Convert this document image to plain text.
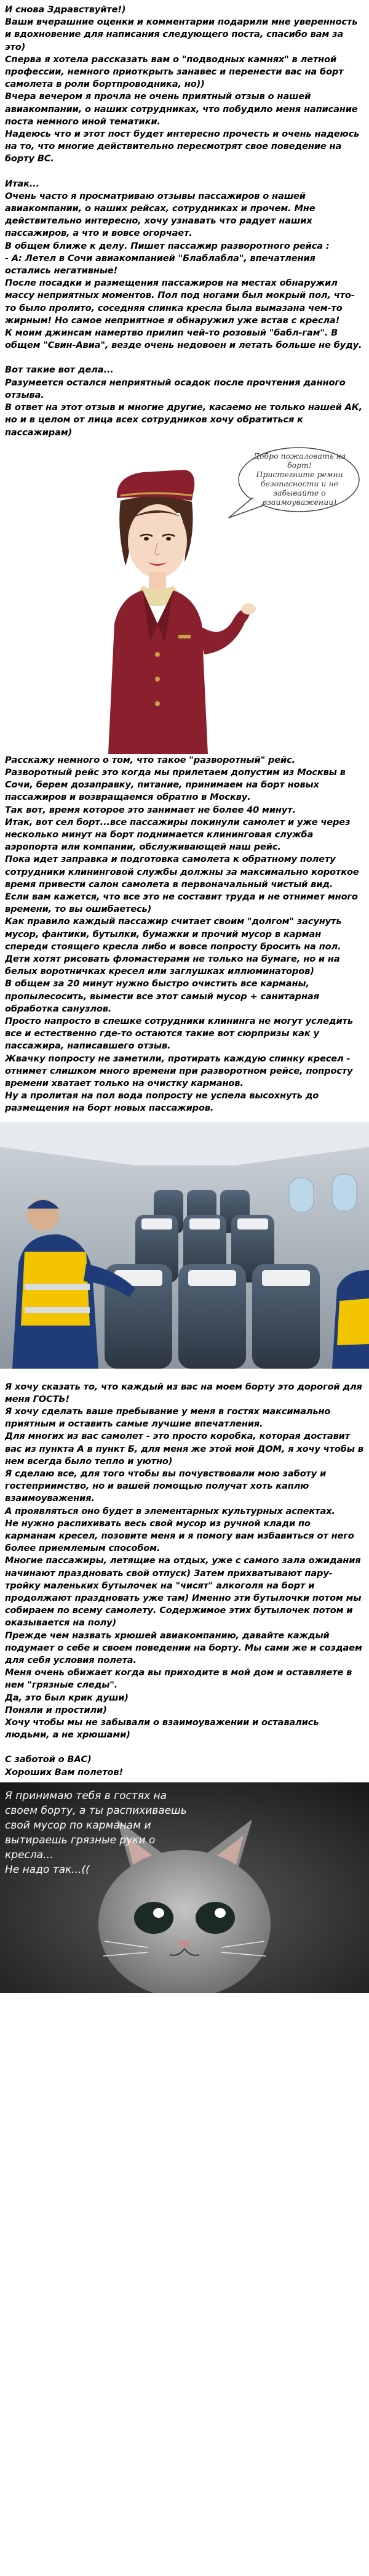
И снова Здравствуйте!)

Ваши вчерашние оценки и комментарии подарили мне уверенность и вдохновение для написания следующего поста, спасибо вам за это)

Сперва я хотела рассказать вам о "подводных камнях" в летной профессии, немного приоткрыть занавес и перенести вас на борт самолета в роли бортпроводника, но))

Вчера вечером я прочла не очень приятный отзыв о нашей авиакомпании, о наших сотрудниках, что побудило меня написание поста немного иной тематики.

Надеюсь что и этот пост будет интересно прочесть и очень надеюсь на то, что многие действительно пересмотрят свое поведение на борту ВС.

Итак...

Очень часто я просматриваю отзывы пассажиров о нашей авиакомпании, о наших рейсах, сотрудниках и прочем. Мне действительно интересно, хочу узнавать что радует наших пассажиров, а что и вовсе огорчает.

В общем ближе к делу. Пишет пассажир разворотного рейса :

- А: Летел в Сочи авиакомпанией "Блаблабла", впечатления остались негативные!

После посадки и размещения пассажиров на местах обнаружил массу неприятных моментов. Пол под ногами был мокрый пол, что-то было пролито, соседняя спинка кресла была вымазана чем-то жирным! Но самое неприятное я обнаружил уже встав с кресла!

К моим джинсам намертво прилип чей-то розовый "бабл-гам". В общем "Свин-Авиа", везде очень недовоен и летать больше не буду.

Вот такие вот дела...

Разумеется остался неприятный осадок после прочтения данного отзыва.

В ответ на этот отзыв и многие другие, касаемо не только нашей АК, но и в целом от лица всех сотрудников хочу обратиться к пассажирам)

Добро пожаловать на борт!
Пристегните ремни
безопасности и не
забывайте о
взаимоуважении)

Расскажу немного о том, что такое "разворотный" рейс.

Разворотный рейс это когда мы прилетаем допустим из Москвы в Сочи, берем дозаправку, питание, принимаем на борт новых пассажиров и возвращаемся обратно в Москву.

Так вот, время которое это занимает не более 40 минут.

Итак, вот сел борт...все пассажиры покинули самолет и уже через несколько минут на борт поднимается клининговая служба аэропорта или компании, обслуживающей наш рейс.

Пока идет заправка и подготовка самолета к обратному полету сотрудники клининговой службы должны за максимально короткое время привести салон самолета в первоначальный чистый вид.

Если вам кажется, что все это не составит труда и не отнимет много времени, то вы ошибаетесь)

Как правило каждый пассажир считает своим "долгом" засунуть мусор, фантики, бутылки, бумажки и прочий мусор в карман спереди стоящего кресла либо и вовсе попросту бросить на пол. Дети хотят рисовать фломастерами не только на бумаге, но и на белых воротничках кресел или заглушках иллюминаторов)

В общем за 20 минут нужно быстро очистить все карманы, пропылесосить, вымести все этот самый мусор + санитарная обработка санузлов.

Просто напросто в спешке сотрудники клининга не могут уследить все и естественно где-то остаются такие вот сюрпризы как у пассажира, написавшего отзыв.

Жвачку попросту не заметили, протирать каждую спинку кресел - отнимет слишком много времени при разворотном рейсе, попросту времени хватает только на очистку карманов.

Ну а пролитая на пол вода попросту не успела высохнуть до размещения на борт новых пассажиров.

Я хочу сказать то, что каждый из вас на моем борту это дорогой для меня ГОСТЬ!

Я хочу сделать ваше пребывание у меня в гостях максимально приятным и оставить самые лучшие впечатления.

Для многих из вас самолет - это просто коробка, которая доставит вас из пункта А в пункт Б, для меня же этой мой ДОМ, я хочу чтобы в нем всегда было тепло и уютно)

Я сделаю все, для того чтобы вы почувствовали мою заботу и гостеприимство, но и вашей помощью получат хоть каплю взаимоуважения.

А проявляться оно будет в элементарных культурных аспектах.

Не нужно распихивать весь свой мусор из ручной клади по карманам кресел, позовите меня и я помогу вам избавиться от него более приемлемым способом.

Многие пассажиры, летящие на отдых, уже с самого зала ожидания начинают праздновать свой отпуск) Затем прихватывают пару-тройку маленьких бутылочек на "чисят" алкоголя на борт и продолжают праздновать уже там) Именно эти бутылочки потом мы собираем по всему самолету. Содержимое этих бутылочек потом и оказывается на полу)

Прежде чем назвать хрюшей авиакомпанию, давайте каждый подумает о себе и своем поведении на борту. Мы сами же и создаем для себя условия полета.

Меня очень обижает когда вы приходите в мой дом и оставляете в нем "грязные следы".

Да, это был крик души)

Поняли и простили)

Хочу чтобы мы не забывали о взаимоуважении и оставались людьми, а не хрюшами)

С заботой о ВАС)

Хороших Вам полетов!

Я принимаю тебя в гостях на
своем борту, а ты распихиваешь
свой мусор по карманам и
вытираешь грязные руки о
кресла...
Не надо так...((
